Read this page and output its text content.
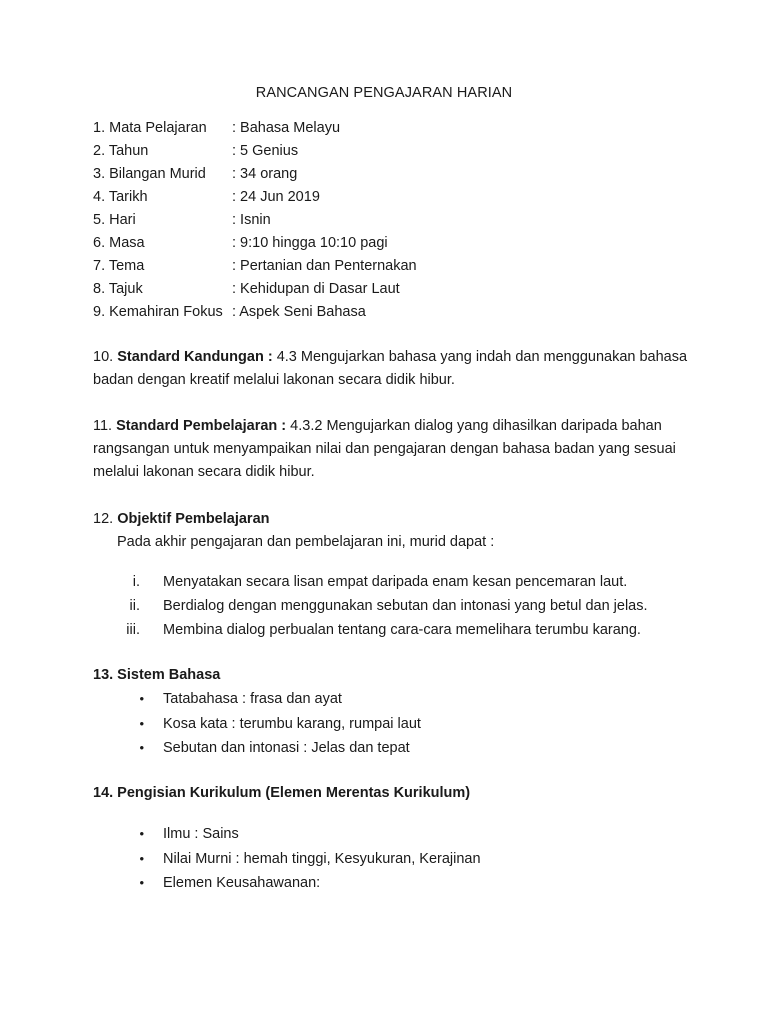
RANCANGAN PENGAJARAN HARIAN
1. Mata Pelajaran : Bahasa Melayu
2. Tahun	: 5 Genius
3. Bilangan Murid : 34 orang
4. Tarikh	: 24 Jun 2019
5. Hari	: Isnin
6. Masa	: 9:10 hingga 10:10 pagi
7. Tema	: Pertanian dan Penternakan
8. Tajuk	: Kehidupan di Dasar Laut
9. Kemahiran Fokus : Aspek Seni Bahasa
10. Standard Kandungan : 4.3 Mengujarkan bahasa yang indah dan menggunakan bahasa badan dengan kreatif melalui lakonan secara didik hibur.
11. Standard Pembelajaran : 4.3.2 Mengujarkan dialog yang dihasilkan daripada bahan rangsangan untuk menyampaikan nilai dan pengajaran dengan bahasa badan yang sesuai melalui lakonan secara didik hibur.
12. Objektif Pembelajaran
Pada akhir pengajaran dan pembelajaran ini, murid dapat :
i. Menyatakan secara lisan empat daripada enam kesan pencemaran laut.
ii. Berdialog dengan menggunakan sebutan dan intonasi yang betul dan jelas.
iii. Membina dialog perbualan tentang cara-cara memelihara terumbu karang.
13. Sistem Bahasa
• Tatabahasa : frasa dan ayat
• Kosa kata : terumbu karang, rumpai laut
• Sebutan dan intonasi : Jelas dan tepat
14. Pengisian Kurikulum (Elemen Merentas Kurikulum)
• Ilmu : Sains
• Nilai Murni : hemah tinggi, Kesyukuran, Kerajinan
• Elemen Keusahawanan:
